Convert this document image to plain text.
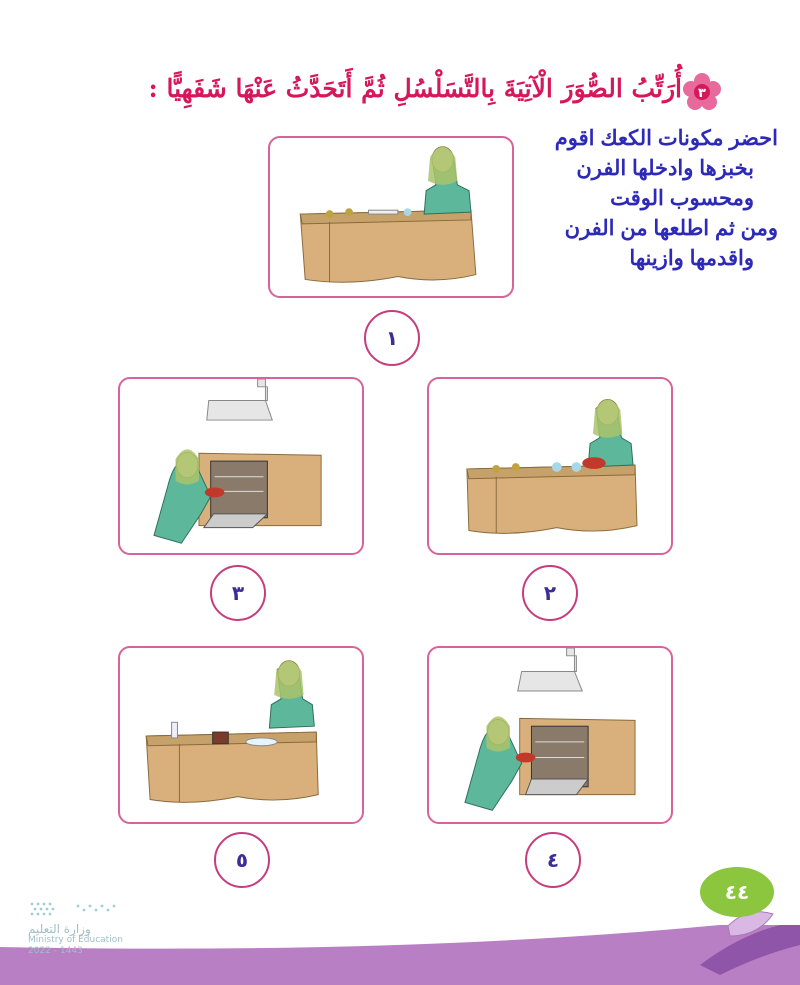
٣
أُرَتِّبُ الصُّوَرَ الْآتِيَةَ بِالتَّسَلْسُلِ ثُمَّ أَتَحَدَّثُ عَنْهَا شَفَهِيًّا :
احضر مكونات الكعك اقوم
بخبزها وادخلها الفرن
ومحسوب الوقت
ومن ثم اطلعها من الفرن
واقدمها وازينها
١
٣	٢
٥	٤
٤٤
وزارة التعليم
Ministry of Education
2022 - 1443
